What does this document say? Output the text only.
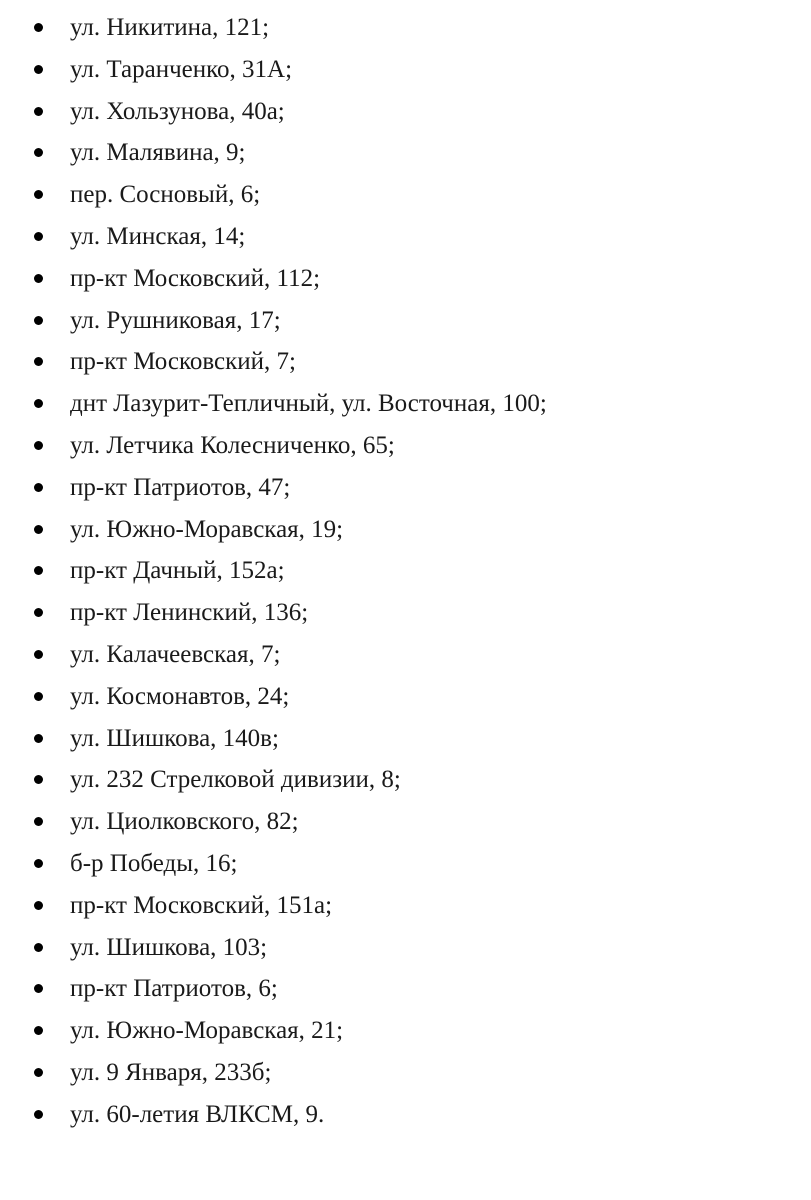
ул. Никитина, 121;
ул. Таранченко, 31А;
ул. Хользунова, 40а;
ул. Малявина, 9;
пер. Сосновый, 6;
ул. Минская, 14;
пр-кт Московский, 112;
ул. Рушниковая, 17;
пр-кт Московский, 7;
днт Лазурит-Тепличный, ул. Восточная, 100;
ул. Летчика Колесниченко, 65;
пр-кт Патриотов, 47;
ул. Южно-Моравская, 19;
пр-кт Дачный, 152а;
пр-кт Ленинский, 136;
ул. Калачеевская, 7;
ул. Космонавтов, 24;
ул. Шишкова, 140в;
ул. 232 Стрелковой дивизии, 8;
ул. Циолковского, 82;
б-р Победы, 16;
пр-кт Московский, 151а;
ул. Шишкова, 103;
пр-кт Патриотов, 6;
ул. Южно-Моравская, 21;
ул. 9 Января, 233б;
ул. 60-летия ВЛКСМ, 9.
